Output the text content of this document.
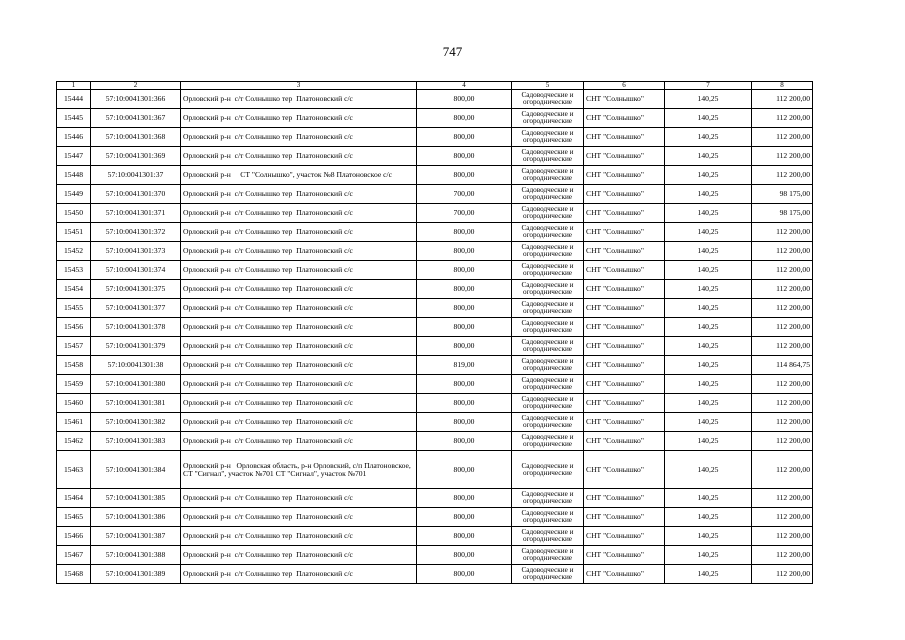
747
1	2	3	4	5	6	7	8
15444	57:10:0041301:366	Орловский р-н  с/т Солнышко тер  Платоновский с/с	800,00	Садоводческие и огороднические	СНТ "Солнышко"	140,25	112 200,00
15445	57:10:0041301:367	Орловский р-н  с/т Солнышко тер  Платоновский с/с	800,00	Садоводческие и огороднические	СНТ "Солнышко"	140,25	112 200,00
15446	57:10:0041301:368	Орловский р-н  с/т Солнышко тер  Платоновский с/с	800,00	Садоводческие и огороднические	СНТ "Солнышко"	140,25	112 200,00
15447	57:10:0041301:369	Орловский р-н  с/т Солнышко тер  Платоновский с/с	800,00	Садоводческие и огороднические	СНТ "Солнышко"	140,25	112 200,00
15448	57:10:0041301:37	Орловский р-н     СТ "Солнышко", участок №8 Платоновское с/с	800,00	Садоводческие и огороднические	СНТ "Солнышко"	140,25	112 200,00
15449	57:10:0041301:370	Орловский р-н  с/т Солнышко тер  Платоновский с/с	700,00	Садоводческие и огороднические	СНТ "Солнышко"	140,25	98 175,00
15450	57:10:0041301:371	Орловский р-н  с/т Солнышко тер  Платоновский с/с	700,00	Садоводческие и огороднические	СНТ "Солнышко"	140,25	98 175,00
15451	57:10:0041301:372	Орловский р-н  с/т Солнышко тер  Платоновский с/с	800,00	Садоводческие и огороднические	СНТ "Солнышко"	140,25	112 200,00
15452	57:10:0041301:373	Орловский р-н  с/т Солнышко тер  Платоновский с/с	800,00	Садоводческие и огороднические	СНТ "Солнышко"	140,25	112 200,00
15453	57:10:0041301:374	Орловский р-н  с/т Солнышко тер  Платоновский с/с	800,00	Садоводческие и огороднические	СНТ "Солнышко"	140,25	112 200,00
15454	57:10:0041301:375	Орловский р-н  с/т Солнышко тер  Платоновский с/с	800,00	Садоводческие и огороднические	СНТ "Солнышко"	140,25	112 200,00
15455	57:10:0041301:377	Орловский р-н  с/т Солнышко тер  Платоновский с/с	800,00	Садоводческие и огороднические	СНТ "Солнышко"	140,25	112 200,00
15456	57:10:0041301:378	Орловский р-н  с/т Солнышко тер  Платоновский с/с	800,00	Садоводческие и огороднические	СНТ "Солнышко"	140,25	112 200,00
15457	57:10:0041301:379	Орловский р-н  с/т Солнышко тер  Платоновский с/с	800,00	Садоводческие и огороднические	СНТ "Солнышко"	140,25	112 200,00
15458	57:10:0041301:38	Орловский р-н  с/т Солнышко тер  Платоновский с/с	819,00	Садоводческие и огороднические	СНТ "Солнышко"	140,25	114 864,75
15459	57:10:0041301:380	Орловский р-н  с/т Солнышко тер  Платоновский с/с	800,00	Садоводческие и огороднические	СНТ "Солнышко"	140,25	112 200,00
15460	57:10:0041301:381	Орловский р-н  с/т Солнышко тер  Платоновский с/с	800,00	Садоводческие и огороднические	СНТ "Солнышко"	140,25	112 200,00
15461	57:10:0041301:382	Орловский р-н  с/т Солнышко тер  Платоновский с/с	800,00	Садоводческие и огороднические	СНТ "Солнышко"	140,25	112 200,00
15462	57:10:0041301:383	Орловский р-н  с/т Солнышко тер  Платоновский с/с	800,00	Садоводческие и огороднические	СНТ "Солнышко"	140,25	112 200,00
15463	57:10:0041301:384	Орловский р-н   Орловская область, р-н Орловский, с/п Платоновское, СТ "Сигнал", участок №701 СТ "Сигнал", участок №701	800,00	Садоводческие и огороднические	СНТ "Солнышко"	140,25	112 200,00
15464	57:10:0041301:385	Орловский р-н  с/т Солнышко тер  Платоновский с/с	800,00	Садоводческие и огороднические	СНТ "Солнышко"	140,25	112 200,00
15465	57:10:0041301:386	Орловский р-н  с/т Солнышко тер  Платоновский с/с	800,00	Садоводческие и огороднические	СНТ "Солнышко"	140,25	112 200,00
15466	57:10:0041301:387	Орловский р-н  с/т Солнышко тер  Платоновский с/с	800,00	Садоводческие и огороднические	СНТ "Солнышко"	140,25	112 200,00
15467	57:10:0041301:388	Орловский р-н  с/т Солнышко тер  Платоновский с/с	800,00	Садоводческие и огороднические	СНТ "Солнышко"	140,25	112 200,00
15468	57:10:0041301:389	Орловский р-н  с/т Солнышко тер  Платоновский с/с	800,00	Садоводческие и огороднические	СНТ "Солнышко"	140,25	112 200,00
